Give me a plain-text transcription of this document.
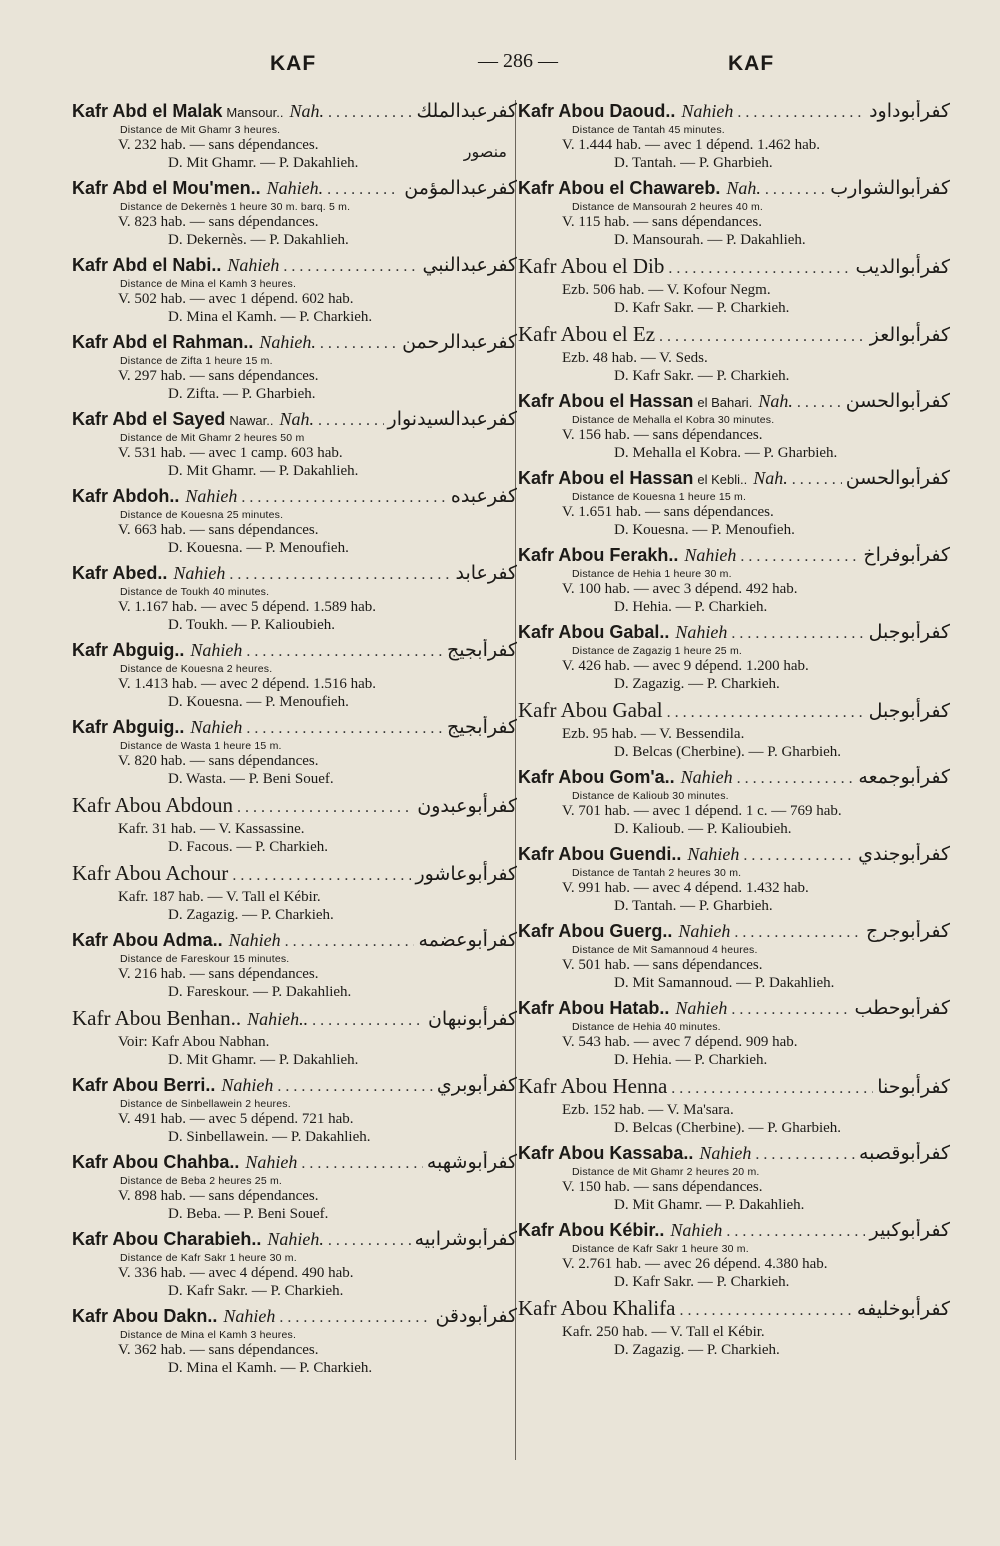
KAF	— 286 —	KAF
Kafr Abd el Malak Mansour.. Nah. . . .	كفرعبدالملك
Distance de Mit Ghamr 3 heures.
V. 232 hab. — sans dépendances.
D. Mit Ghamr. — P. Dakahlieh.
منصور
Kafr Abd el Mou'men.. Nahieh. . . .	كفرعبدالمؤمن
Distance de Dekernès 1 heure 30 m. barq. 5 m.
V. 823 hab. — sans dépendances.
D. Dekernès. — P. Dakahlieh.
Kafr Abd el Nabi.. Nahieh . . .	كفرعبدالنبي
Distance de Mina el Kamh 3 heures.
V. 502 hab. — avec 1 dépend. 602 hab.
D. Mina el Kamh. — P. Charkieh.
Kafr Abd el Rahman.. Nahieh. . . .	كفرعبدالرحمن
Distance de Zifta 1 heure 15 m.
V. 297 hab. — sans dépendances.
D. Zifta. — P. Gharbieh.
Kafr Abd el Sayed Nawar.. Nah. . . .	كفرعبدالسيدنوار
Distance de Mit Ghamr 2 heures 50 m
V. 531 hab. — avec 1 camp. 603 hab.
D. Mit Ghamr. — P. Dakahlieh.
Kafr Abdoh.. Nahieh . . .	كفرعبده
Distance de Kouesna 25 minutes.
V. 663 hab. — sans dépendances.
D. Kouesna. — P. Menoufieh.
Kafr Abed.. Nahieh . . .	كفرعابد
Distance de Toukh 40 minutes.
V. 1.167 hab. — avec 5 dépend. 1.589 hab.
D. Toukh. — P. Kalioubieh.
Kafr Abguig.. Nahieh . . .	كفرأبجيج
Distance de Kouesna 2 heures.
V. 1.413 hab. — avec 2 dépend. 1.516 hab.
D. Kouesna. — P. Menoufieh.
Kafr Abguig.. Nahieh . . .	كفرأبجيج
Distance de Wasta 1 heure 15 m.
V. 820 hab. — sans dépendances.
D. Wasta. — P. Beni Souef.
Kafr Abou Abdoun . . .	كفرأبوعبدون
Kafr. 31 hab. — V. Kassassine.
D. Facous. — P. Charkieh.
Kafr Abou Achour . . .	كفرأبوعاشور
Kafr. 187 hab. — V. Tall el Kébir.
D. Zagazig. — P. Charkieh.
Kafr Abou Adma.. Nahieh . . .	كفرأبوعضمه
Distance de Fareskour 15 minutes.
V. 216 hab. — sans dépendances.
D. Fareskour. — P. Dakahlieh.
Kafr Abou Benhan.. Nahieh.. . . .	كفرأبونبهان
Voir: Kafr Abou Nabhan.
D. Mit Ghamr. — P. Dakahlieh.
Kafr Abou Berri.. Nahieh . . .	كفرأبوبري
Distance de Sinbellawein 2 heures.
V. 491 hab. — avec 5 dépend. 721 hab.
D. Sinbellawein. — P. Dakahlieh.
Kafr Abou Chahba.. Nahieh . . .	كفرأبوشهبه
Distance de Beba 2 heures 25 m.
V. 898 hab. — sans dépendances.
D. Beba. — P. Beni Souef.
Kafr Abou Charabieh.. Nahieh. . . .	كفرأبوشرابيه
Distance de Kafr Sakr 1 heure 30 m.
V. 336 hab. — avec 4 dépend. 490 hab.
D. Kafr Sakr. — P. Charkieh.
Kafr Abou Dakn.. Nahieh . . .	كفرأبودقن
Distance de Mina el Kamh 3 heures.
V. 362 hab. — sans dépendances.
D. Mina el Kamh. — P. Charkieh.
Kafr Abou Daoud.. Nahieh . . .	كفرأبوداود
Distance de Tantah 45 minutes.
V. 1.444 hab. — avec 1 dépend. 1.462 hab.
D. Tantah. — P. Gharbieh.
Kafr Abou el Chawareb. Nah. . . .	كفرأبوالشوارب
Distance de Mansourah 2 heures 40 m.
V. 115 hab. — sans dépendances.
D. Mansourah. — P. Dakahlieh.
Kafr Abou el Dib . . .	كفرأبوالديب
Ezb. 506 hab. — V. Kofour Negm.
D. Kafr Sakr. — P. Charkieh.
Kafr Abou el Ez . . .	كفرأبوالعز
Ezb. 48 hab. — V. Seds.
D. Kafr Sakr. — P. Charkieh.
Kafr Abou el Hassan el Bahari. Nah. . . .	كفرأبوالحسن
Distance de Mehalla el Kobra 30 minutes.
V. 156 hab. — sans dépendances.
D. Mehalla el Kobra. — P. Gharbieh.
Kafr Abou el Hassan el Kebli.. Nah. . . .	كفرأبوالحسن
Distance de Kouesna 1 heure 15 m.
V. 1.651 hab. — sans dépendances.
D. Kouesna. — P. Menoufieh.
Kafr Abou Ferakh.. Nahieh . . .	كفرأبوفراخ
Distance de Hehia 1 heure 30 m.
V. 100 hab. — avec 3 dépend. 492 hab.
D. Hehia. — P. Charkieh.
Kafr Abou Gabal.. Nahieh . . .	كفرأبوجبل
Distance de Zagazig 1 heure 25 m.
V. 426 hab. — avec 9 dépend. 1.200 hab.
D. Zagazig. — P. Charkieh.
Kafr Abou Gabal . . .	كفرأبوجبل
Ezb. 95 hab. — V. Bessendila.
D. Belcas (Cherbine). — P. Gharbieh.
Kafr Abou Gom'a.. Nahieh . . .	كفرأبوجمعه
Distance de Kalioub 30 minutes.
V. 701 hab. — avec 1 dépend. 1 c. — 769 hab.
D. Kalioub. — P. Kalioubieh.
Kafr Abou Guendi.. Nahieh . . .	كفرأبوجندي
Distance de Tantah 2 heures 30 m.
V. 991 hab. — avec 4 dépend. 1.432 hab.
D. Tantah. — P. Gharbieh.
Kafr Abou Guerg.. Nahieh . . .	كفرأبوجرج
Distance de Mit Samannoud 4 heures.
V. 501 hab. — sans dépendances.
D. Mit Samannoud. — P. Dakahlieh.
Kafr Abou Hatab.. Nahieh . . .	كفرأبوحطب
Distance de Hehia 40 minutes.
V. 543 hab. — avec 7 dépend. 909 hab.
D. Hehia. — P. Charkieh.
Kafr Abou Henna . . .	كفرأبوحنا
Ezb. 152 hab. — V. Ma'sara.
D. Belcas (Cherbine). — P. Gharbieh.
Kafr Abou Kassaba.. Nahieh . . .	كفرأبوقصبه
Distance de Mit Ghamr 2 heures 20 m.
V. 150 hab. — sans dépendances.
D. Mit Ghamr. — P. Dakahlieh.
Kafr Abou Kébir.. Nahieh . . .	كفرأبوكبير
Distance de Kafr Sakr 1 heure 30 m.
V. 2.761 hab. — avec 26 dépend. 4.380 hab.
D. Kafr Sakr. — P. Charkieh.
Kafr Abou Khalifa . . .	كفرأبوخليفه
Kafr. 250 hab. — V. Tall el Kébir.
D. Zagazig. — P. Charkieh.
